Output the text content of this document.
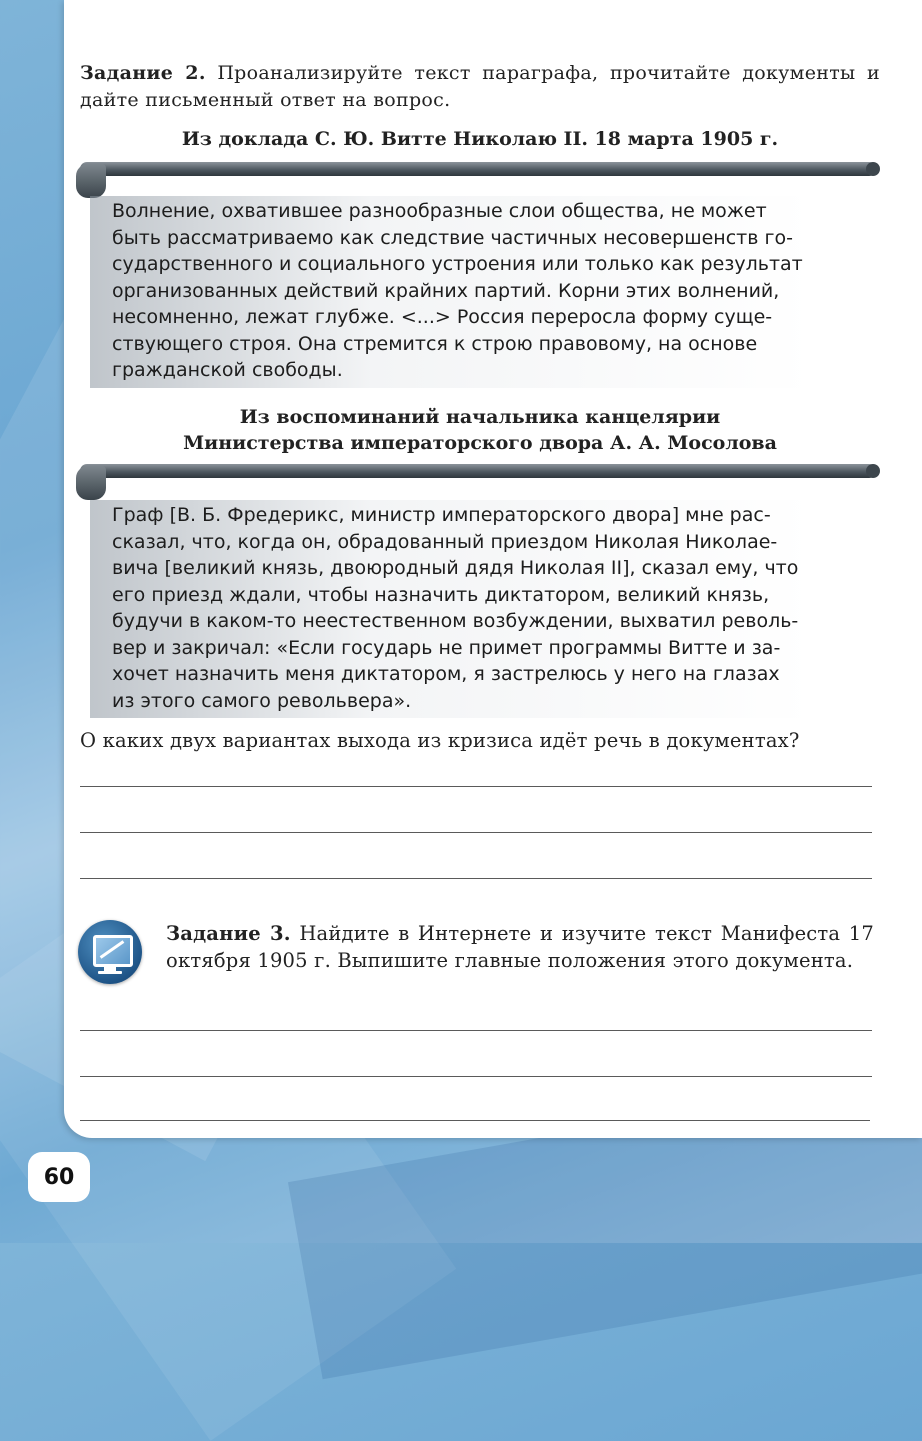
Задание 2. Проанализируйте текст параграфа, прочитайте документы и дайте письменный ответ на вопрос.
Из доклада С. Ю. Витте Николаю II. 18 марта 1905 г.
Волнение, охватившее разнообразные слои общества, не может
быть рассматриваемо как следствие частичных несовершенств го-
сударственного и социального устроения или только как результат
организованных действий крайних партий. Корни этих волнений,
несомненно, лежат глубже. <...> Россия переросла форму суще-
ствующего строя. Она стремится к строю правовому, на основе
гражданской свободы.
Из воспоминаний начальника канцелярии
Министерства императорского двора А. А. Мосолова
Граф [В. Б. Фредерикс, министр императорского двора] мне рас-
сказал, что, когда он, обрадованный приездом Николая Николае-
вича [великий князь, двоюродный дядя Николая II], сказал ему, что
его приезд ждали, чтобы назначить диктатором, великий князь,
будучи в каком-то неестественном возбуждении, выхватил револь-
вер и закричал: «Если государь не примет программы Витте и за-
хочет назначить меня диктатором, я застрелюсь у него на глазах
из этого самого револьвера».
О каких двух вариантах выхода из кризиса идёт речь в документах?
Задание 3. Найдите в Интернете и изучите текст Манифеста 17 октября 1905 г. Выпишите главные положения этого документа.
60
